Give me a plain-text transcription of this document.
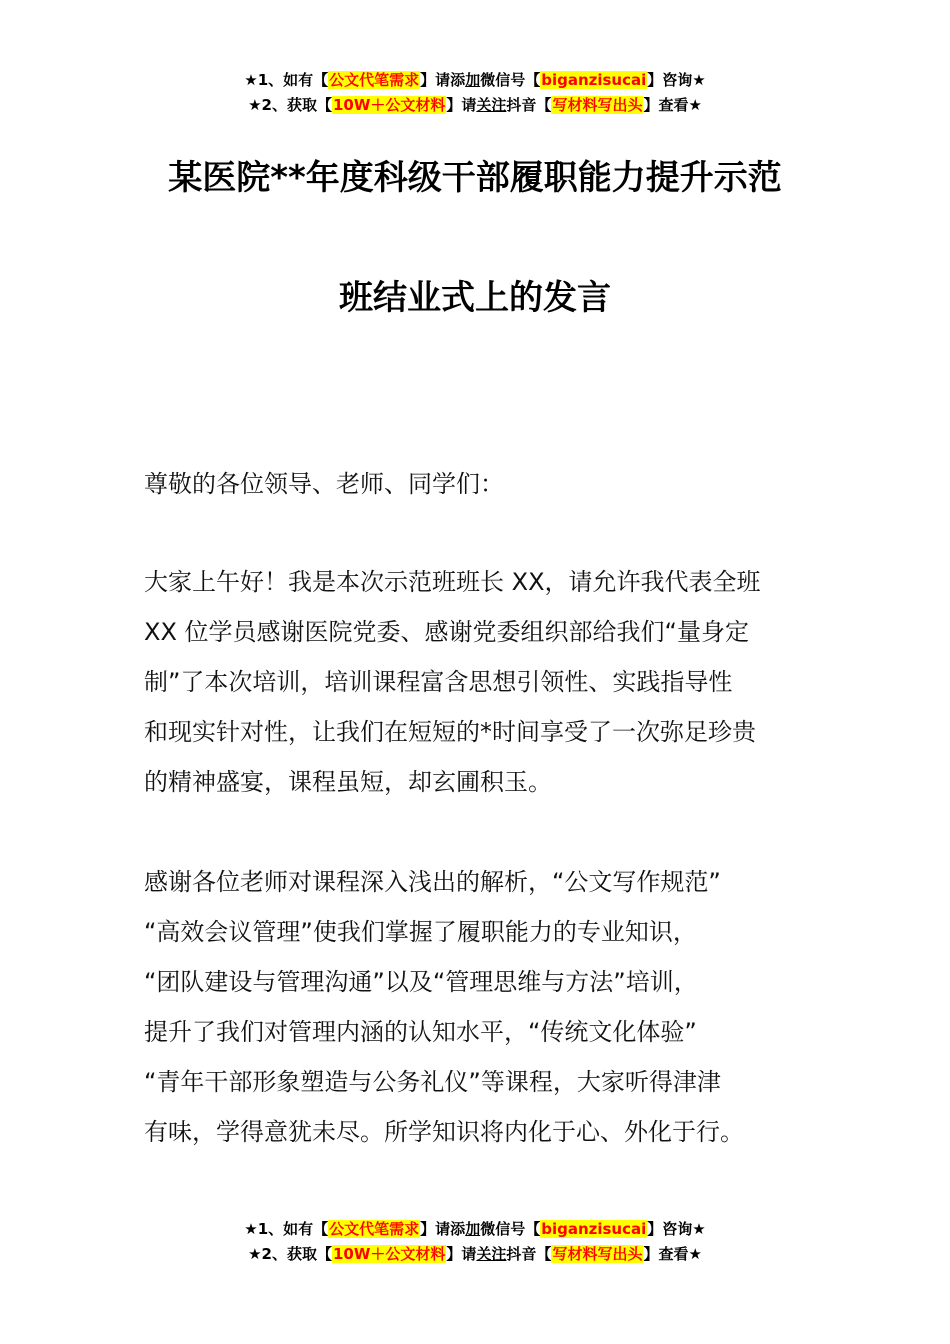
★1、如有【公文代笔需求】请添加微信号【biganzisucai】咨询★
★2、获取【10W＋公文材料】请关注抖音【写材料写出头】查看★
某医院**年度科级干部履职能力提升示范
班结业式上的发言

尊敬的各位领导、老师、同学们：

大家上午好！我是本次示范班班长 XX，请允许我代表全班
XX 位学员感谢医院党委、感谢党委组织部给我们“量身定
制”了本次培训，培训课程富含思想引领性、实践指导性
和现实针对性，让我们在短短的*时间享受了一次弥足珍贵
的精神盛宴，课程虽短，却玄圃积玉。
感谢各位老师对课程深入浅出的解析，“公文写作规范”
“高效会议管理”使我们掌握了履职能力的专业知识，
“团队建设与管理沟通”以及“管理思维与方法”培训，
提升了我们对管理内涵的认知水平，“传统文化体验”
“青年干部形象塑造与公务礼仪”等课程，大家听得津津
有味，学得意犹未尽。所学知识将内化于心、外化于行。
★1、如有【公文代笔需求】请添加微信号【biganzisucai】咨询★
★2、获取【10W＋公文材料】请关注抖音【写材料写出头】查看★
